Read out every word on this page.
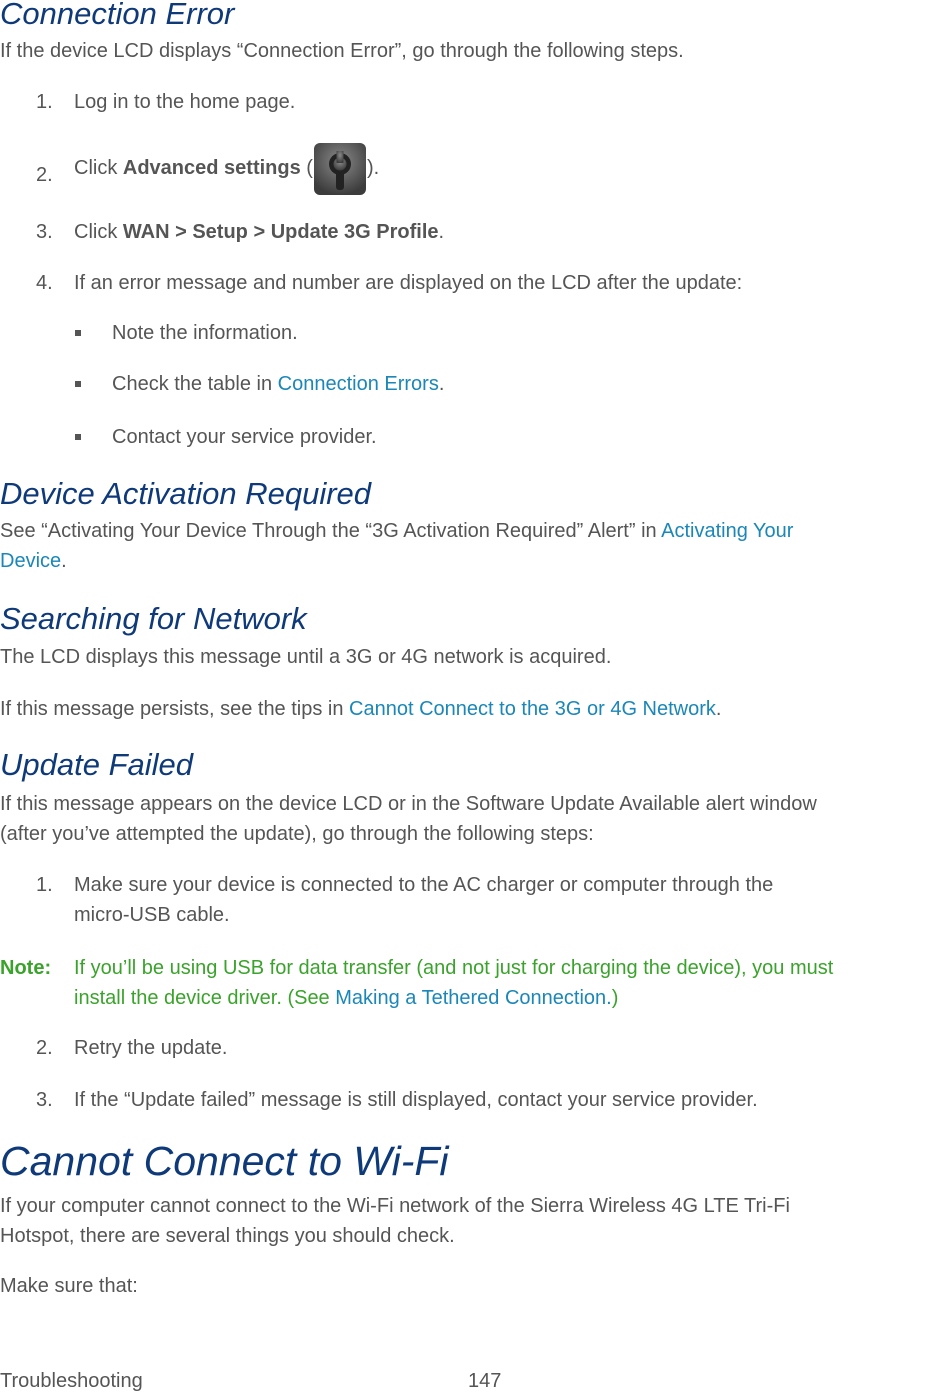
Connection Error

If the device LCD displays “Connection Error”, go through the following steps.

1. Log in to the home page.

2. Click Advanced settings (	).

3. Click WAN > Setup > Update 3G Profile.

4. If an error message and number are displayed on the LCD after the update:

Note the information.

Check the table in Connection Errors.

Contact your service provider.

Device Activation Required

See “Activating Your Device Through the “3G Activation Required” Alert” in Activating Your

Device.

Searching for Network

The LCD displays this message until a 3G or 4G network is acquired.

If this message persists, see the tips in Cannot Connect to the 3G or 4G Network.

Update Failed

If this message appears on the device LCD or in the Software Update Available alert window

(after you’ve attempted the update), go through the following steps:

1. Make sure your device is connected to the AC charger or computer through the

micro-USB cable.

Note: If you’ll be using USB for data transfer (and not just for charging the device), you must

install the device driver. (See Making a Tethered Connection.)

2. Retry the update.

3. If the “Update failed” message is still displayed, contact your service provider.

Cannot Connect to Wi-Fi

If your computer cannot connect to the Wi-Fi network of the Sierra Wireless 4G LTE Tri-Fi

Hotspot, there are several things you should check.

Make sure that:

Troubleshooting	147
